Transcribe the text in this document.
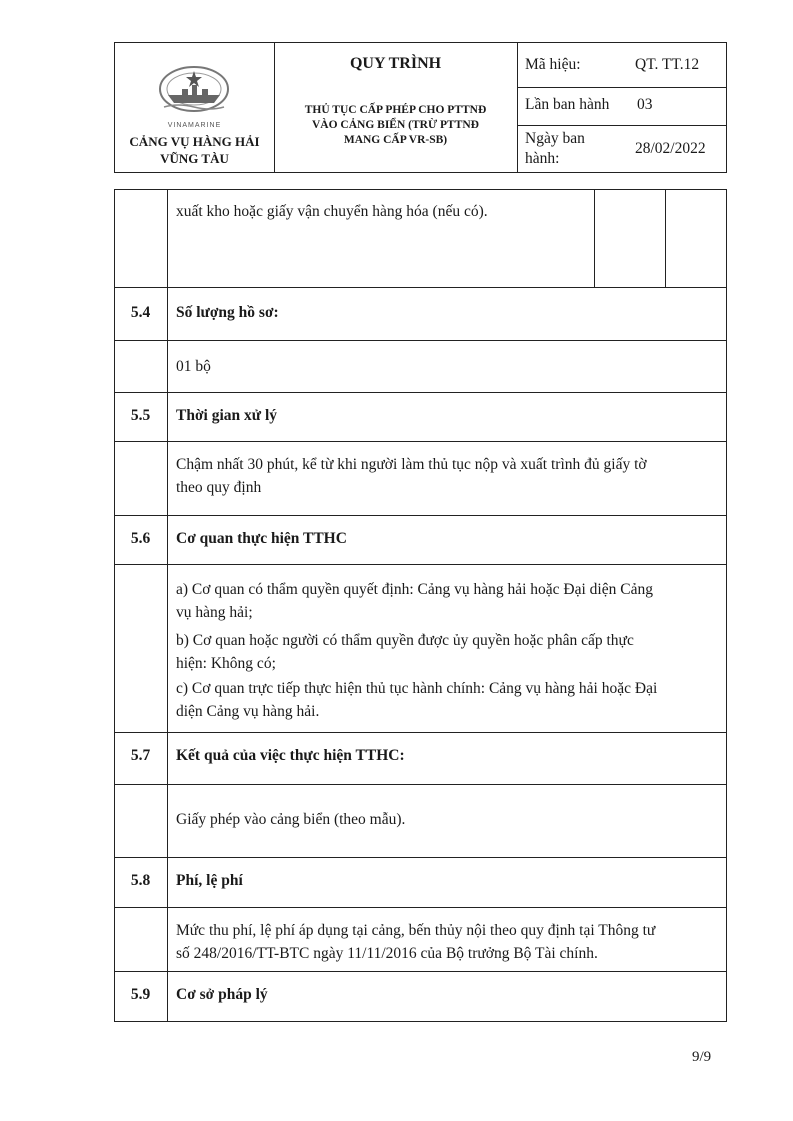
VINAMARINE
CẢNG VỤ HÀNG HẢI
VŨNG TÀU
QUY TRÌNH
THỦ TỤC CẤP PHÉP CHO PTTNĐ
VÀO CẢNG BIỂN (TRỪ PTTNĐ
MANG CẤP VR-SB)
Mã hiệu:	QT. TT.12
Lần ban hành 03
Ngày ban
hành:
28/02/2022
xuất kho hoặc giấy vận chuyển hàng hóa (nếu có).
5.4	Số lượng hồ sơ:
01 bộ
5.5	Thời gian xử lý
Chậm nhất 30 phút, kể từ khi người làm thủ tục nộp và xuất trình đủ giấy tờ
theo quy định
5.6	Cơ quan thực hiện TTHC
a) Cơ quan có thẩm quyền quyết định: Cảng vụ hàng hải hoặc Đại diện Cảng
vụ hàng hải;
b) Cơ quan hoặc người có thẩm quyền được ủy quyền hoặc phân cấp thực
hiện: Không có;
c) Cơ quan trực tiếp thực hiện thủ tục hành chính: Cảng vụ hàng hải hoặc Đại
diện Cảng vụ hàng hải.
5.7	Kết quả của việc thực hiện TTHC:
Giấy phép vào cảng biển (theo mẫu).
5.8	Phí, lệ phí
Mức thu phí, lệ phí áp dụng tại cảng, bến thủy nội theo quy định tại Thông tư
số 248/2016/TT-BTC ngày 11/11/2016 của Bộ trưởng Bộ Tài chính.
5.9	Cơ sở pháp lý
9/9
